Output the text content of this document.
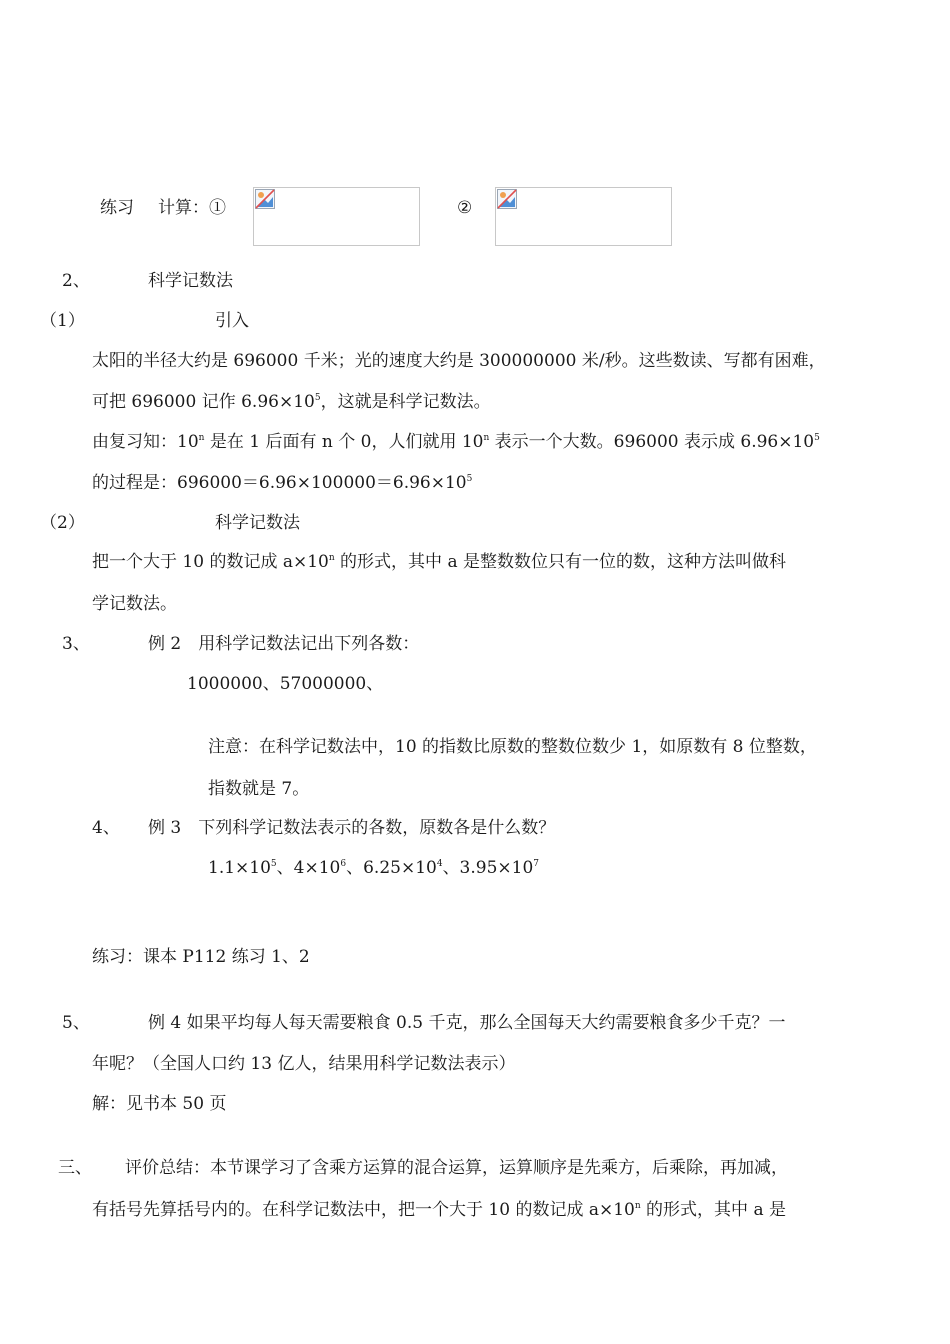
练习 计算：①	②
2、	科学记数法
（1）	引入
太阳的半径大约是 696000 千米；光的速度大约是 300000000 米/秒。这些数读、写都有困难，
可把 696000 记作 $6.96\times 10^5$，这就是科学记数法。
由复习知：10$^n$ 是在 1 后面有 n 个 0，人们就用 10$^n$ 表示一个大数。696000 表示成 $6.96\times 10^5$
的过程是：$696000=6.96\times 100000=6.96\times 10^5$
（2）	科学记数法
把一个大于 10 的数记成 $a\times 10^n$ 的形式，其中 a 是整数数位只有一位的数，这种方法叫做科
学记数法。
3、	例 2　用科学记数法记出下列各数：
1000000、57000000、
注意：在科学记数法中，10 的指数比原数的整数位数少 1，如原数有 8 位整数，
指数就是 7。
4、 例 3　下列科学记数法表示的各数，原数各是什么数？
$1.1\times 10^5$、$4\times 10^6$、$6.25\times 10^4$、$3.95\times 10^7$
练习：课本 P112 练习 1、2
5、	例 4 如果平均每人每天需要粮食 0.5 千克，那么全国每天大约需要粮食多少千克？一
年呢？（全国人口约 13 亿人，结果用科学记数法表示）
解：见书本 50 页
三、 评价总结：本节课学习了含乘方运算的混合运算，运算顺序是先乘方，后乘除，再加减，
有括号先算括号内的。在科学记数法中，把一个大于 10 的数记成 $a\times 10^n$ 的形式，其中 a 是
